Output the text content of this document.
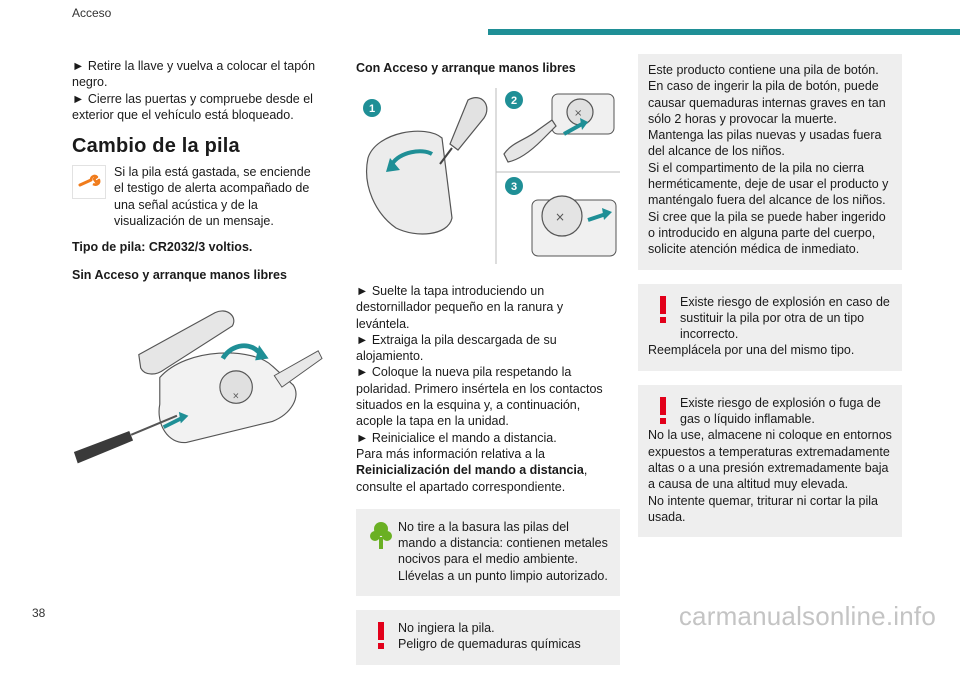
Acceso

► Retire la llave y vuelva a colocar el tapón negro.

► Cierre las puertas y compruebe desde el exterior que el vehículo está bloqueado.

Cambio de la pila
Si la pila está gastada, se enciende el testigo de alerta acompañado de una señal acústica y de la visualización de un mensaje.

Tipo de pila: CR2032/3 voltios.

Sin Acceso y arranque manos libres

×

Con Acceso y arranque manos libres

1
2
3
×
×

► Suelte la tapa introduciendo un destornillador pequeño en la ranura y levántela.

► Extraiga la pila descargada de su alojamiento.

► Coloque la nueva pila respetando la polaridad. Primero insértela en los contactos situados en la esquina y, a continuación, acople la tapa en la unidad.

► Reinicialice el mando a distancia.

Para más información relativa a la
Reinicialización del mando a distancia, consulte el apartado correspondiente.

No tire a la basura las pilas del mando a distancia: contienen metales nocivos para el medio ambiente. Llévelas a un punto limpio autorizado.
No ingiera la pila.
Peligro de quemaduras químicas

Este producto contiene una pila de botón.

En caso de ingerir la pila de botón, puede causar quemaduras internas graves en tan sólo 2 horas y provocar la muerte.

Mantenga las pilas nuevas y usadas fuera del alcance de los niños.

Si el compartimento de la pila no cierra herméticamente, deje de usar el producto y manténgalo fuera del alcance de los niños.

Si cree que la pila se puede haber ingerido o introducido en alguna parte del cuerpo, solicite atención médica de inmediato.

Existe riesgo de explosión en caso de sustituir la pila por otra de un tipo incorrecto.

Reemplácela por una del mismo tipo.

Existe riesgo de explosión o fuga de gas o líquido inflamable.

No la use, almacene ni coloque en entornos expuestos a temperaturas extremadamente altas o a una presión extremadamente baja a causa de una altitud muy elevada.

No intente quemar, triturar ni cortar la pila usada.

38	carmanualsonline.info
